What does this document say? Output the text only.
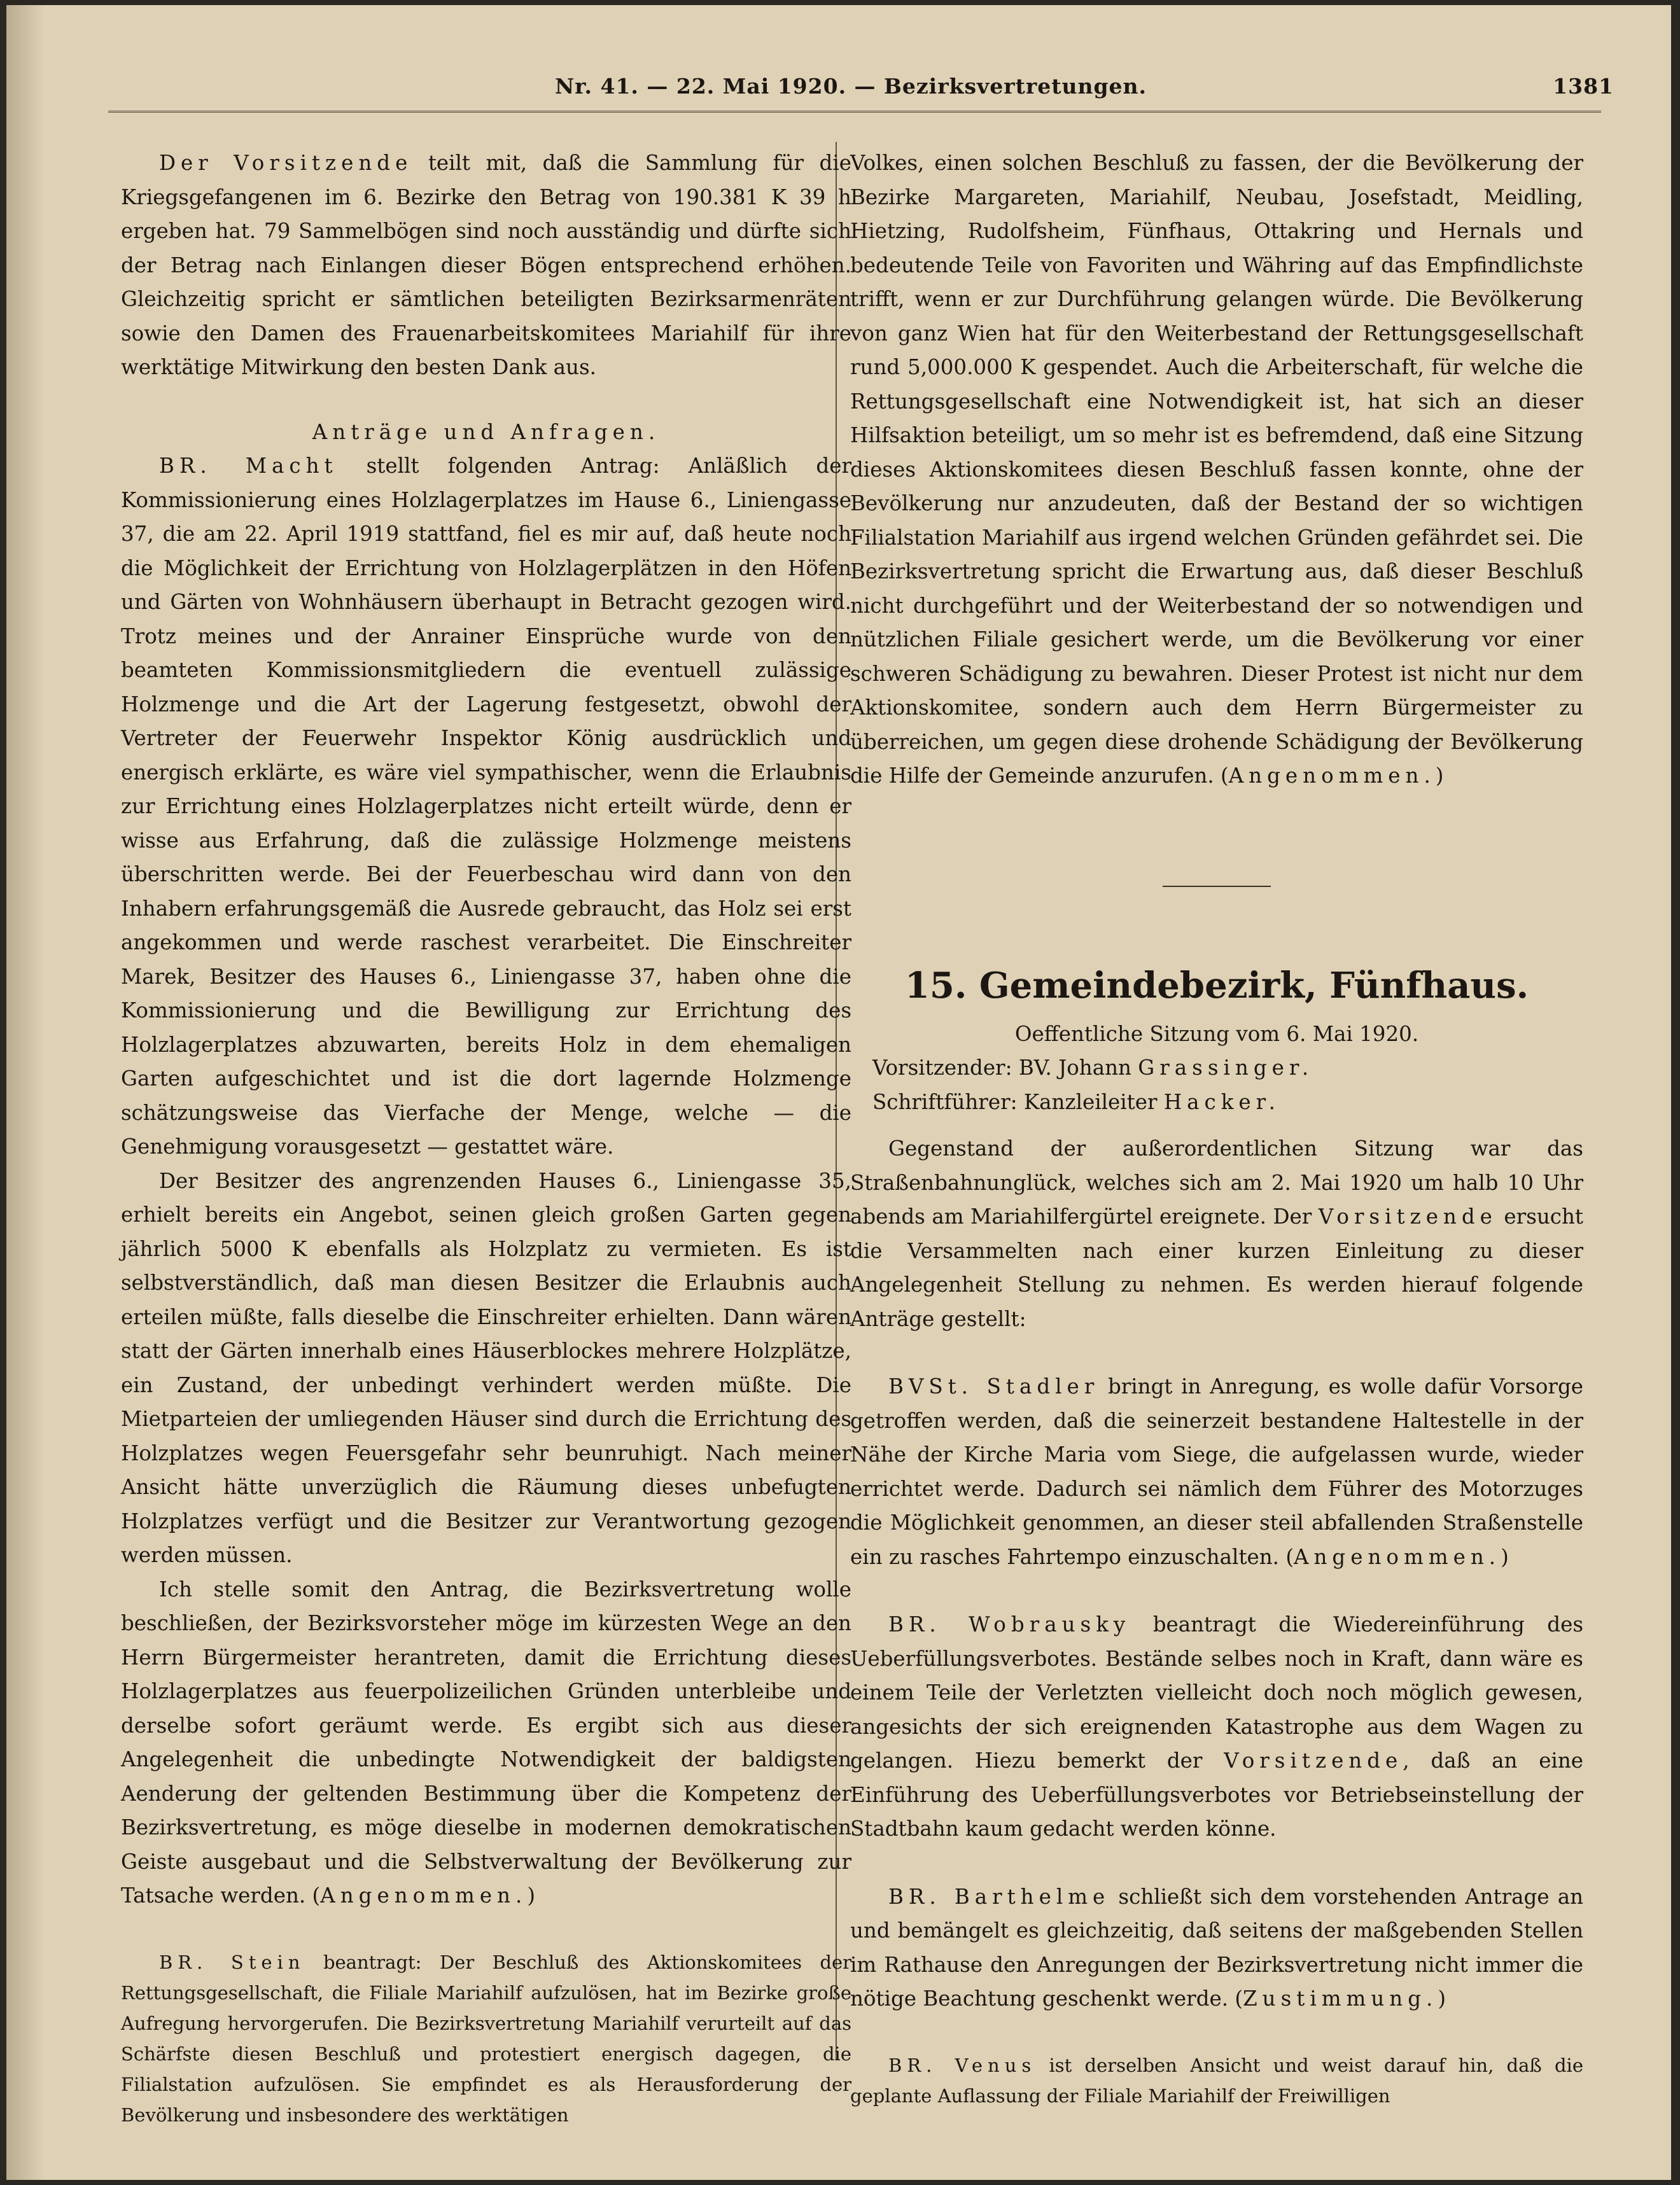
Nr. 41. — 22. Mai 1920. — Bezirksvertretungen.	1381

Der Vorsitzende teilt mit, daß die Sammlung für die Kriegsgefangenen im 6. Bezirke den Betrag von 190.381 K 39 h ergeben hat. 79 Sammelbögen sind noch ausständig und dürfte sich der Betrag nach Einlangen dieser Bögen entsprechend erhöhen. Gleichzeitig spricht er sämtlichen beteiligten Bezirksarmenräten sowie den Damen des Frauenarbeitskomitees Mariahilf für ihre werktätige Mitwirkung den besten Dank aus.

Anträge und Anfragen.

BR. Macht stellt folgenden Antrag: Anläßlich der Kommissionierung eines Holzlagerplatzes im Hause 6., Liniengasse 37, die am 22. April 1919 stattfand, fiel es mir auf, daß heute noch die Möglichkeit der Errichtung von Holzlagerplätzen in den Höfen und Gärten von Wohnhäusern überhaupt in Betracht gezogen wird. Trotz meines und der Anrainer Einsprüche wurde von den beamteten Kommissionsmitgliedern die eventuell zulässige Holzmenge und die Art der Lagerung festgesetzt, obwohl der Vertreter der Feuerwehr Inspektor König ausdrücklich und energisch erklärte, es wäre viel sympathischer, wenn die Erlaubnis zur Errichtung eines Holzlagerplatzes nicht erteilt würde, denn er wisse aus Erfahrung, daß die zulässige Holzmenge meistens überschritten werde. Bei der Feuerbeschau wird dann von den Inhabern erfahrungsgemäß die Ausrede gebraucht, das Holz sei erst angekommen und werde raschest verarbeitet. Die Einschreiter Marek, Besitzer des Hauses 6., Liniengasse 37, haben ohne die Kommissionierung und die Bewilligung zur Errichtung des Holzlagerplatzes abzuwarten, bereits Holz in dem ehemaligen Garten aufgeschichtet und ist die dort lagernde Holzmenge schätzungsweise das Vierfache der Menge, welche — die Genehmigung vorausgesetzt — gestattet wäre.

Der Besitzer des angrenzenden Hauses 6., Liniengasse 35, erhielt bereits ein Angebot, seinen gleich großen Garten gegen jährlich 5000 K ebenfalls als Holzplatz zu vermieten. Es ist selbstverständlich, daß man diesen Besitzer die Erlaubnis auch erteilen müßte, falls dieselbe die Einschreiter erhielten. Dann wären statt der Gärten innerhalb eines Häuserblockes mehrere Holzplätze, ein Zustand, der unbedingt verhindert werden müßte. Die Mietparteien der umliegenden Häuser sind durch die Errichtung des Holzplatzes wegen Feuersgefahr sehr beunruhigt. Nach meiner Ansicht hätte unverzüglich die Räumung dieses unbefugten Holzplatzes verfügt und die Besitzer zur Verantwortung gezogen werden müssen.

Ich stelle somit den Antrag, die Bezirksvertretung wolle beschließen, der Bezirksvorsteher möge im kürzesten Wege an den Herrn Bürgermeister herantreten, damit die Errichtung dieses Holzlagerplatzes aus feuerpolizeilichen Gründen unterbleibe und derselbe sofort geräumt werde. Es ergibt sich aus dieser Angelegenheit die unbedingte Notwendigkeit der baldigsten Aenderung der geltenden Bestimmung über die Kompetenz der Bezirksvertretung, es möge dieselbe in modernen demokratischen Geiste ausgebaut und die Selbstverwaltung der Bevölkerung zur Tatsache werden. (Angenommen.)

BR. Stein beantragt: Der Beschluß des Aktionskomitees der Rettungsgesellschaft, die Filiale Mariahilf aufzulösen, hat im Bezirke große Aufregung hervorgerufen. Die Bezirksvertretung Mariahilf verurteilt auf das Schärfste diesen Beschluß und protestiert energisch dagegen, die Filialstation aufzulösen. Sie empfindet es als Herausforderung der Bevölkerung und insbesondere des werktätigen

Volkes, einen solchen Beschluß zu fassen, der die Bevölkerung der Bezirke Margareten, Mariahilf, Neubau, Josefstadt, Meidling, Hietzing, Rudolfsheim, Fünfhaus, Ottakring und Hernals und bedeutende Teile von Favoriten und Währing auf das Empfindlichste trifft, wenn er zur Durchführung gelangen würde. Die Bevölkerung von ganz Wien hat für den Weiterbestand der Rettungsgesellschaft rund 5,000.000 K gespendet. Auch die Arbeiterschaft, für welche die Rettungsgesellschaft eine Notwendigkeit ist, hat sich an dieser Hilfsaktion beteiligt, um so mehr ist es befremdend, daß eine Sitzung dieses Aktionskomitees diesen Beschluß fassen konnte, ohne der Bevölkerung nur anzudeuten, daß der Bestand der so wichtigen Filialstation Mariahilf aus irgend welchen Gründen gefährdet sei. Die Bezirksvertretung spricht die Erwartung aus, daß dieser Beschluß nicht durchgeführt und der Weiterbestand der so notwendigen und nützlichen Filiale gesichert werde, um die Bevölkerung vor einer schweren Schädigung zu bewahren. Dieser Protest ist nicht nur dem Aktionskomitee, sondern auch dem Herrn Bürgermeister zu überreichen, um gegen diese drohende Schädigung der Bevölkerung die Hilfe der Gemeinde anzurufen. (Angenommen.)

15. Gemeindebezirk, Fünfhaus.

Oeffentliche Sitzung vom 6. Mai 1920.

Vorsitzender: BV. Johann Grassinger.

Schriftführer: Kanzleileiter Hacker.

Gegenstand der außerordentlichen Sitzung war das Straßenbahnunglück, welches sich am 2. Mai 1920 um halb 10 Uhr abends am Mariahilfergürtel ereignete. Der Vorsitzende ersucht die Versammelten nach einer kurzen Einleitung zu dieser Angelegenheit Stellung zu nehmen. Es werden hierauf folgende Anträge gestellt:

BVSt. Stadler bringt in Anregung, es wolle dafür Vorsorge getroffen werden, daß die seinerzeit bestandene Haltestelle in der Nähe der Kirche Maria vom Siege, die aufgelassen wurde, wieder errichtet werde. Dadurch sei nämlich dem Führer des Motorzuges die Möglichkeit genommen, an dieser steil abfallenden Straßenstelle ein zu rasches Fahrtempo einzuschalten. (Angenommen.)

BR. Wobrausky beantragt die Wiedereinführung des Ueberfüllungsverbotes. Bestände selbes noch in Kraft, dann wäre es einem Teile der Verletzten vielleicht doch noch möglich gewesen, angesichts der sich ereignenden Katastrophe aus dem Wagen zu gelangen. Hiezu bemerkt der Vorsitzende, daß an eine Einführung des Ueberfüllungsverbotes vor Betriebseinstellung der Stadtbahn kaum gedacht werden könne.

BR. Barthelme schließt sich dem vorstehenden Antrage an und bemängelt es gleichzeitig, daß seitens der maßgebenden Stellen im Rathause den Anregungen der Bezirksvertretung nicht immer die nötige Beachtung geschenkt werde. (Zustimmung.)

BR. Venus ist derselben Ansicht und weist darauf hin, daß die geplante Auflassung der Filiale Mariahilf der Freiwilligen
